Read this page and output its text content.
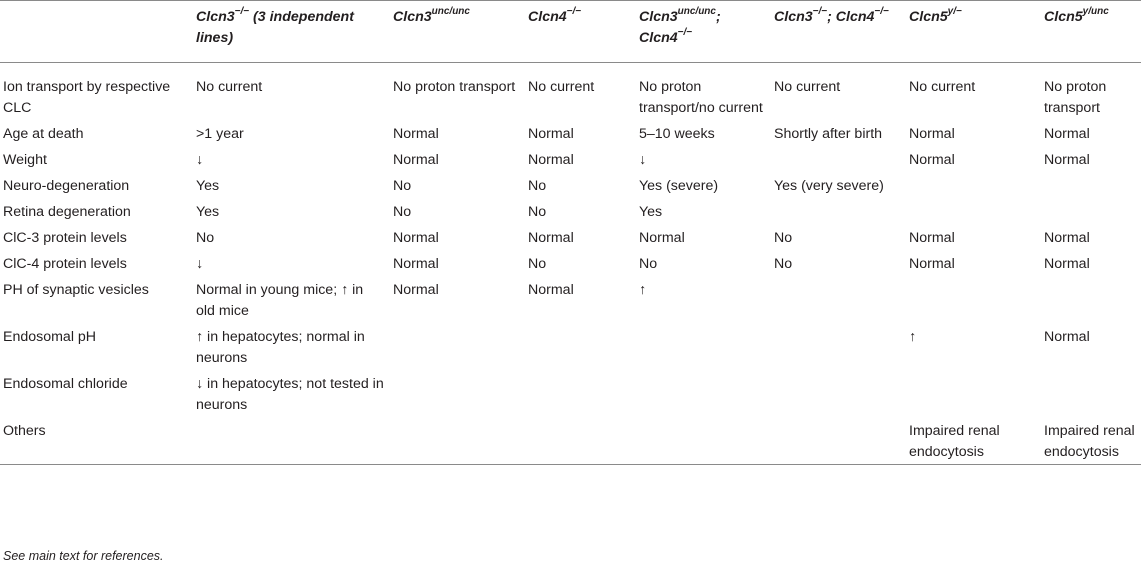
	Clcn3−/− (3 independent lines)	$Clcn3^{unc/unc}$	Clcn4−/−	$Clcn3^{unc/unc}$; Clcn4−/−	Clcn3−/−; Clcn4−/−	$Clcn5^{y/-}$	$Clcn5^{y/unc}$
Ion transport by respective CLC	No current	No proton transport	No current	No proton transport/no current	No current	No current	No proton transport
Age at death	>1 year	Normal	Normal	5–10 weeks	Shortly after birth	Normal	Normal
Weight	↓	Normal	Normal	↓		Normal	Normal
Neuro-degeneration	Yes	No	No	Yes (severe)	Yes (very severe)		
Retina degeneration	Yes	No	No	Yes			
ClC-3 protein levels	No	Normal	Normal	Normal	No	Normal	Normal
ClC-4 protein levels	↓	Normal	No	No	No	Normal	Normal
PH of synaptic vesicles	Normal in young mice; ↑ in old mice	Normal	Normal	↑			
Endosomal pH	↑ in hepatocytes; normal in neurons					↑	Normal
Endosomal chloride	↓ in hepatocytes; not tested in neurons						
Others						Impaired renal endocytosis	Impaired renal endocytosis
See main text for references.
